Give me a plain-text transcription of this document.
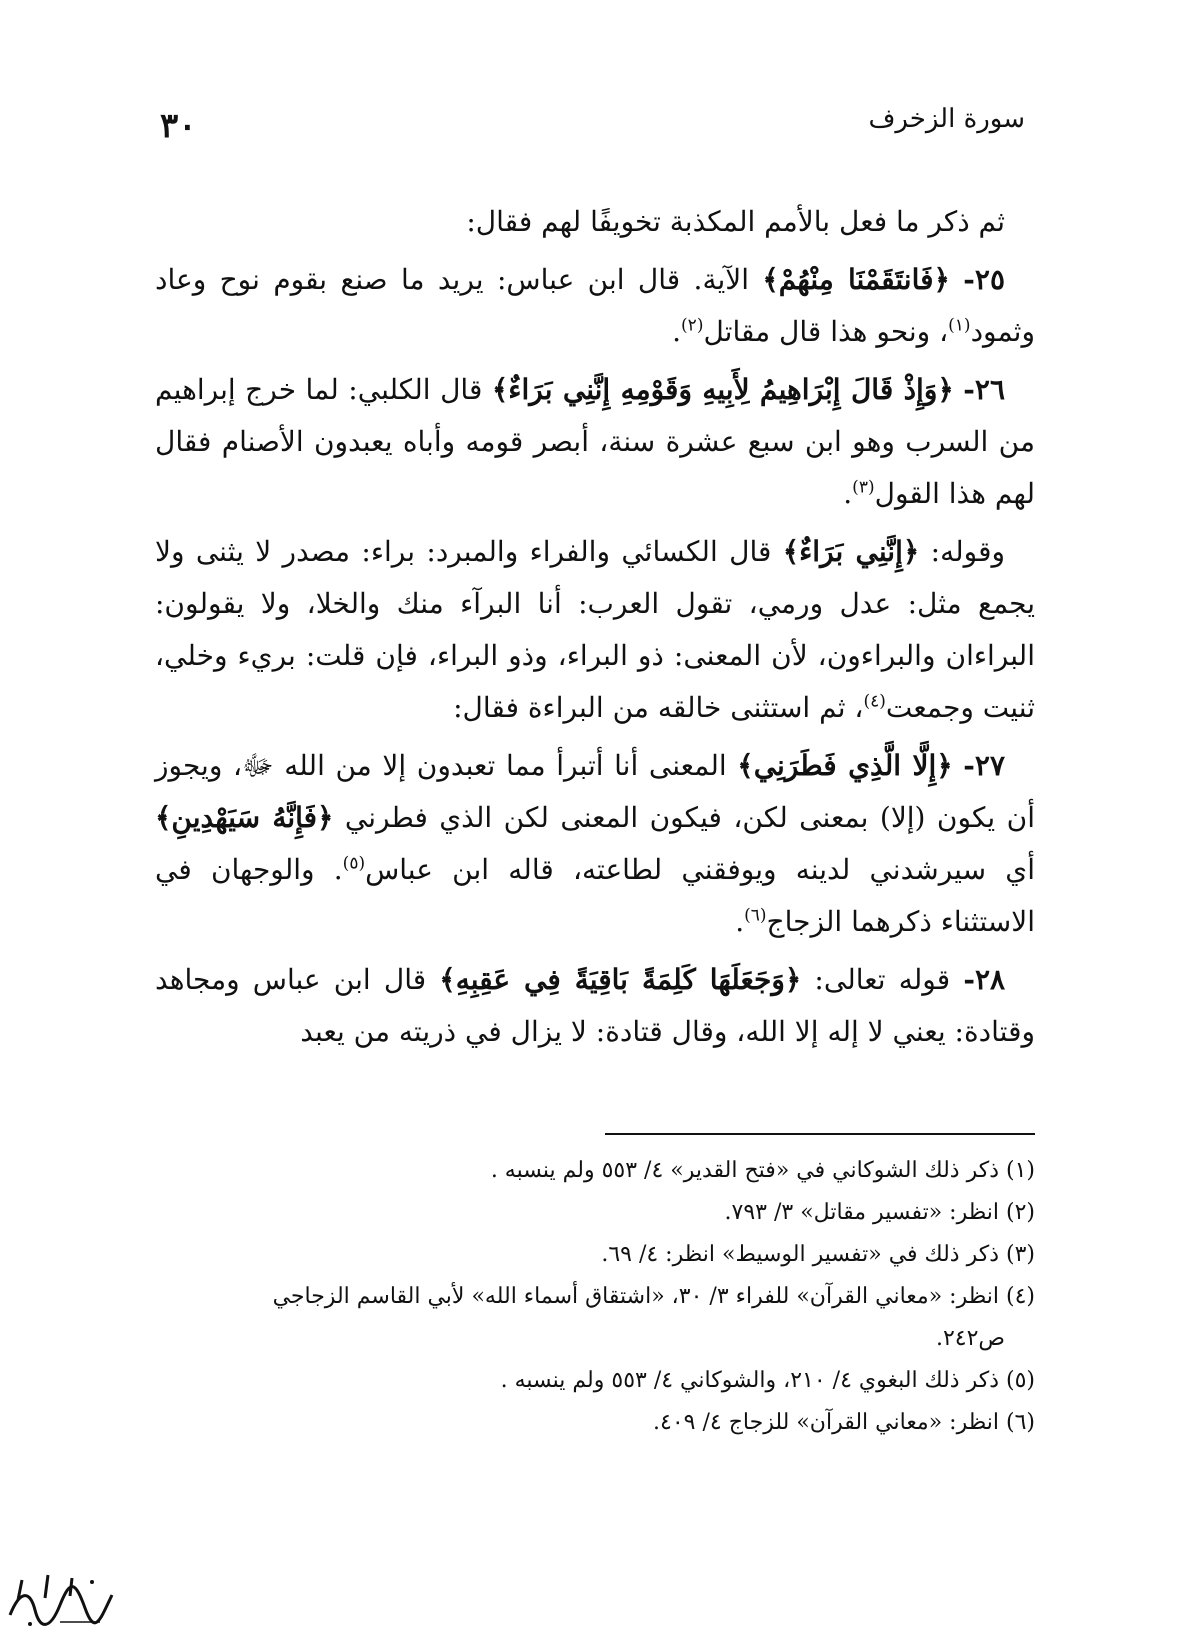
سورة الزخرف
٣٠

ثم ذكر ما فعل بالأمم المكذبة تخويفًا لهم فقال:

٢٥- ﴿فَانتَقَمْنَا مِنْهُمْ﴾ الآية. قال ابن عباس: يريد ما صنع بقوم نوح وعاد وثمود$^{(١)}$، ونحو هذا قال مقاتل$^{(٢)}$.

٢٦- ﴿وَإِذْ قَالَ إِبْرَاهِيمُ لِأَبِيهِ وَقَوْمِهِ إِنَّنِي بَرَاءٌ﴾ قال الكلبي: لما خرج إبراهيم من السرب وهو ابن سبع عشرة سنة، أبصر قومه وأباه يعبدون الأصنام فقال لهم هذا القول$^{(٣)}$.

وقوله: ﴿إِنَّنِي بَرَاءٌ﴾ قال الكسائي والفراء والمبرد: براء: مصدر لا يثنى ولا يجمع مثل: عدل ورمي، تقول العرب: أنا البرآء منك والخلا، ولا يقولون: البراءان والبراءون، لأن المعنى: ذو البراء، وذو البراء، فإن قلت: بريء وخلي، ثنيت وجمعت$^{(٤)}$، ثم استثنى خالقه من البراءة فقال:

٢٧- ﴿إِلَّا الَّذِي فَطَرَنِي﴾ المعنى أنا أتبرأ مما تعبدون إلا من الله ﷻ، ويجوز أن يكون (إلا) بمعنى لكن، فيكون المعنى لكن الذي فطرني ﴿فَإِنَّهُ سَيَهْدِينِ﴾ أي سيرشدني لدينه ويوفقني لطاعته، قاله ابن عباس$^{(٥)}$. والوجهان في الاستثناء ذكرهما الزجاج$^{(٦)}$.

٢٨- قوله تعالى: ﴿وَجَعَلَهَا كَلِمَةً بَاقِيَةً فِي عَقِبِهِ﴾ قال ابن عباس ومجاهد وقتادة: يعني لا إله إلا الله، وقال قتادة: لا يزال في ذريته من يعبد

(١) ذكر ذلك الشوكاني في «فتح القدير» ٤/ ٥٥٣ ولم ينسبه .

(٢) انظر: «تفسير مقاتل» ٣/ ٧٩٣.

(٣) ذكر ذلك في «تفسير الوسيط» انظر: ٤/ ٦٩.

(٤) انظر: «معاني القرآن» للفراء ٣/ ٣٠، «اشتقاق أسماء الله» لأبي القاسم الزجاجي

ص٢٤٢.

(٥) ذكر ذلك البغوي ٤/ ٢١٠، والشوكاني ٤/ ٥٥٣ ولم ينسبه .

(٦) انظر: «معاني القرآن» للزجاج ٤/ ٤٠٩.
